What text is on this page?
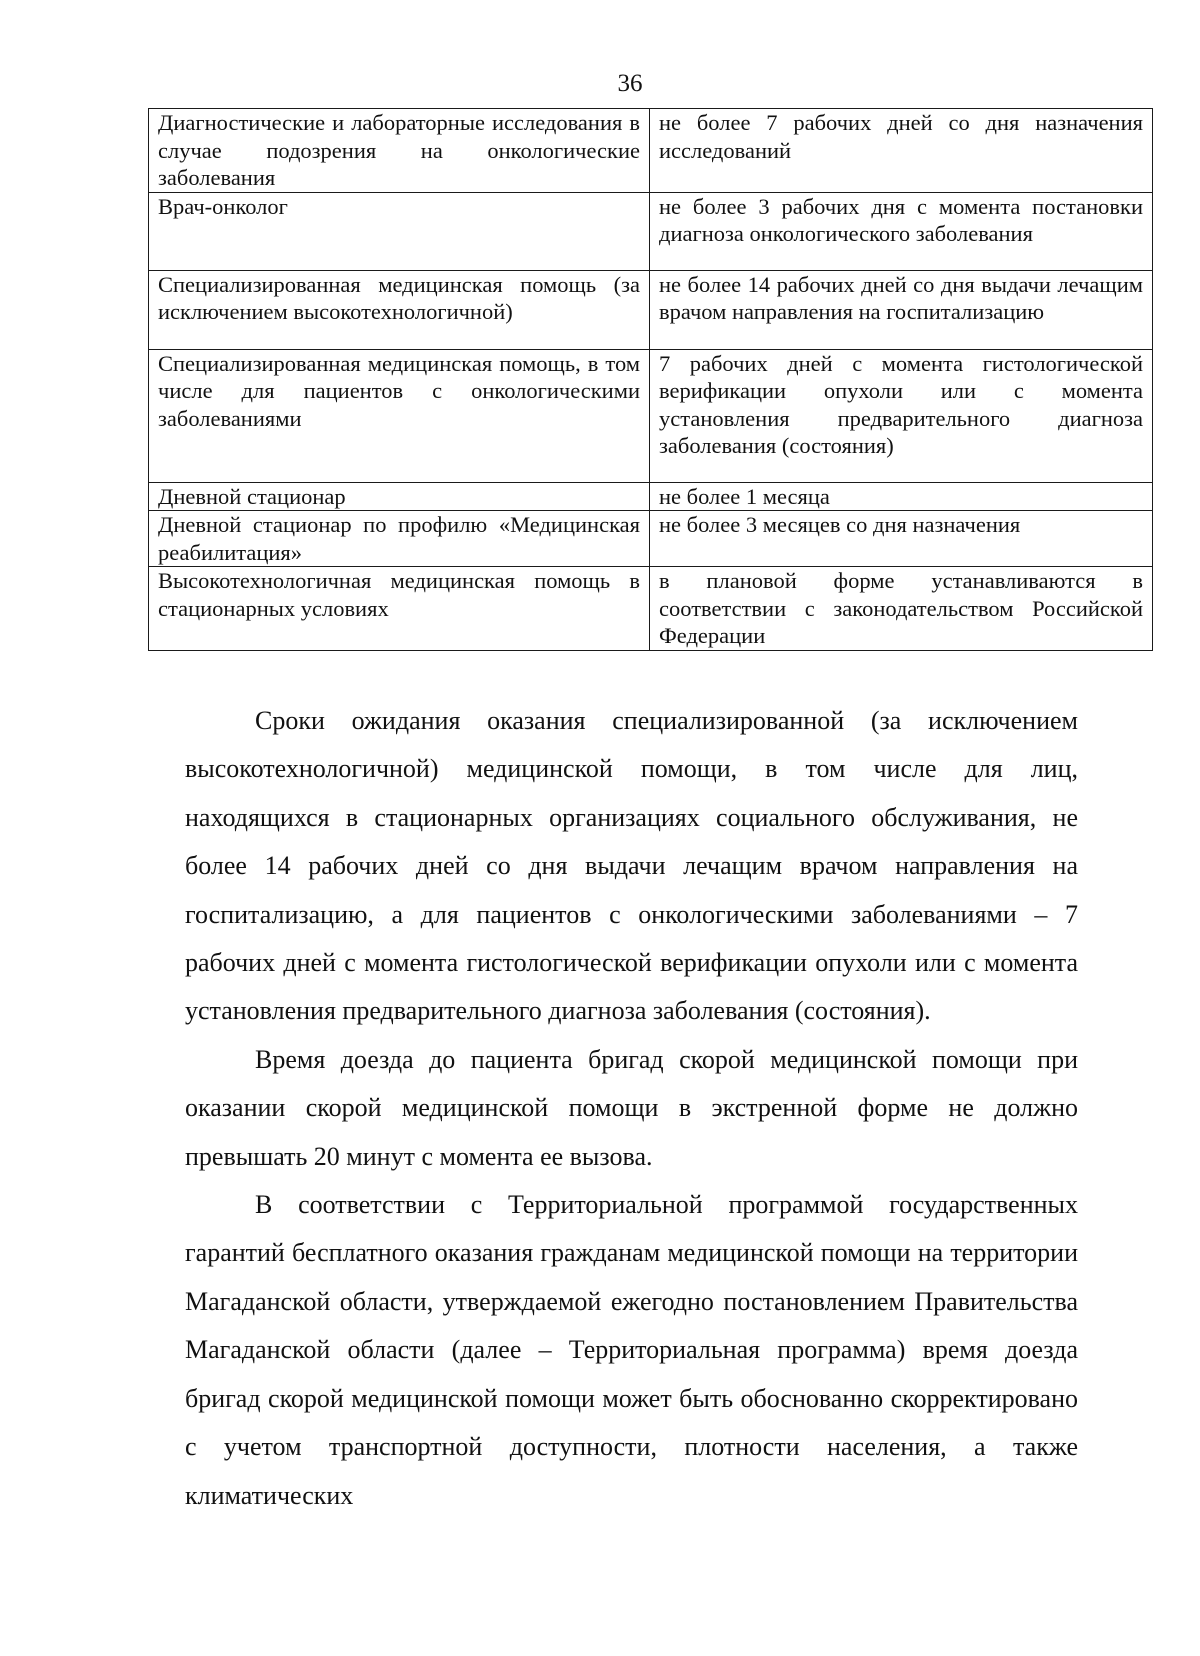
36
Диагностические и лабораторные исследования в случае подозрения на онкологические заболевания	не более 7 рабочих дней со дня назначения исследований
Врач-онколог	не более 3 рабочих дня с момента постановки диагноза онкологического заболевания
Специализированная медицинская помощь (за исключением высокотехнологичной)	не более 14 рабочих дней со дня выдачи лечащим врачом направления на госпитализацию
Специализированная медицинская помощь, в том числе для пациентов с онкологическими заболеваниями	7 рабочих дней с момента гистологической верификации опухоли или с момента установления предварительного диагноза заболевания (состояния)
Дневной стационар	не более 1 месяца
Дневной стационар по профилю «Медицинская реабилитация»	не более 3 месяцев со дня назначения
Высокотехнологичная медицинская помощь в стационарных условиях	в плановой форме устанавливаются в соответствии с законодательством Российской Федерации

Сроки ожидания оказания специализированной (за исключением высокотехнологичной) медицинской помощи, в том числе для лиц, находящихся в стационарных организациях социального обслуживания, не более 14 рабочих дней со дня выдачи лечащим врачом направления на госпитализацию, а для пациентов с онкологическими заболеваниями – 7 рабочих дней с момента гистологической верификации опухоли или с момента установления предварительного диагноза заболевания (состояния).

Время доезда до пациента бригад скорой медицинской помощи при оказании скорой медицинской помощи в экстренной форме не должно превышать 20 минут с момента ее вызова.

В соответствии с Территориальной программой государственных гарантий бесплатного оказания гражданам медицинской помощи на территории Магаданской области, утверждаемой ежегодно постановлением Правительства Магаданской области (далее – Территориальная программа) время доезда бригад скорой медицинской помощи может быть обоснованно скорректировано с учетом транспортной доступности, плотности населения, а также климатических
